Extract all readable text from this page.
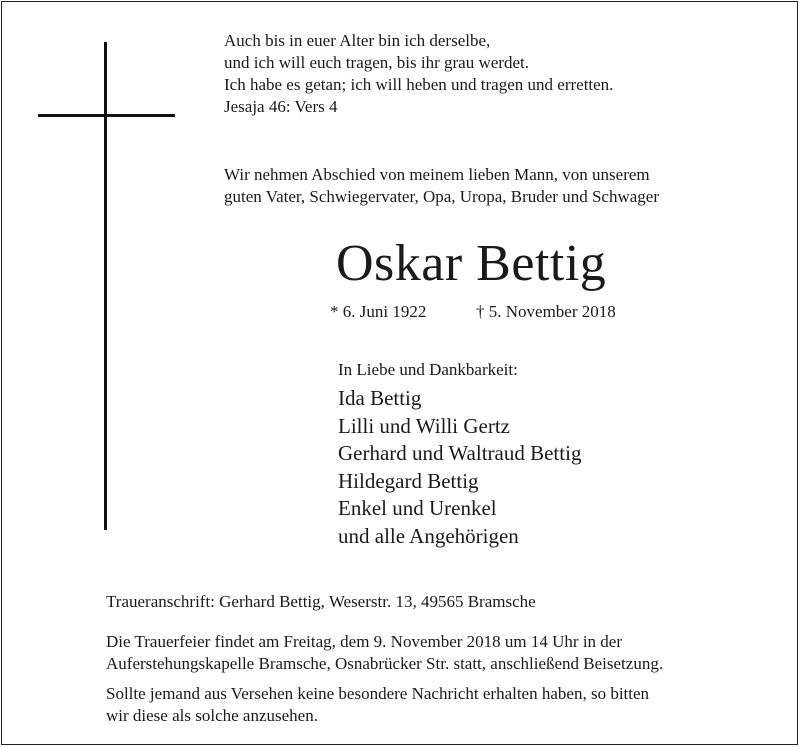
Auch bis in euer Alter bin ich derselbe,
und ich will euch tragen, bis ihr grau werdet.
Ich habe es getan; ich will heben und tragen und erretten.
Jesaja 46: Vers 4
Wir nehmen Abschied von meinem lieben Mann, von unserem
guten Vater, Schwiegervater, Opa, Uropa, Bruder und Schwager
Oskar Bettig
* 6. Juni 1922	† 5. November 2018
In Liebe und Dankbarkeit:
Ida Bettig
Lilli und Willi Gertz
Gerhard und Waltraud Bettig
Hildegard Bettig
Enkel und Urenkel
und alle Angehörigen
Traueranschrift: Gerhard Bettig, Weserstr. 13, 49565 Bramsche
Die Trauerfeier findet am Freitag, dem 9. November 2018 um 14 Uhr in der
Auferstehungskapelle Bramsche, Osnabrücker Str. statt, anschließend Beisetzung.
Sollte jemand aus Versehen keine besondere Nachricht erhalten haben, so bitten
wir diese als solche anzusehen.
